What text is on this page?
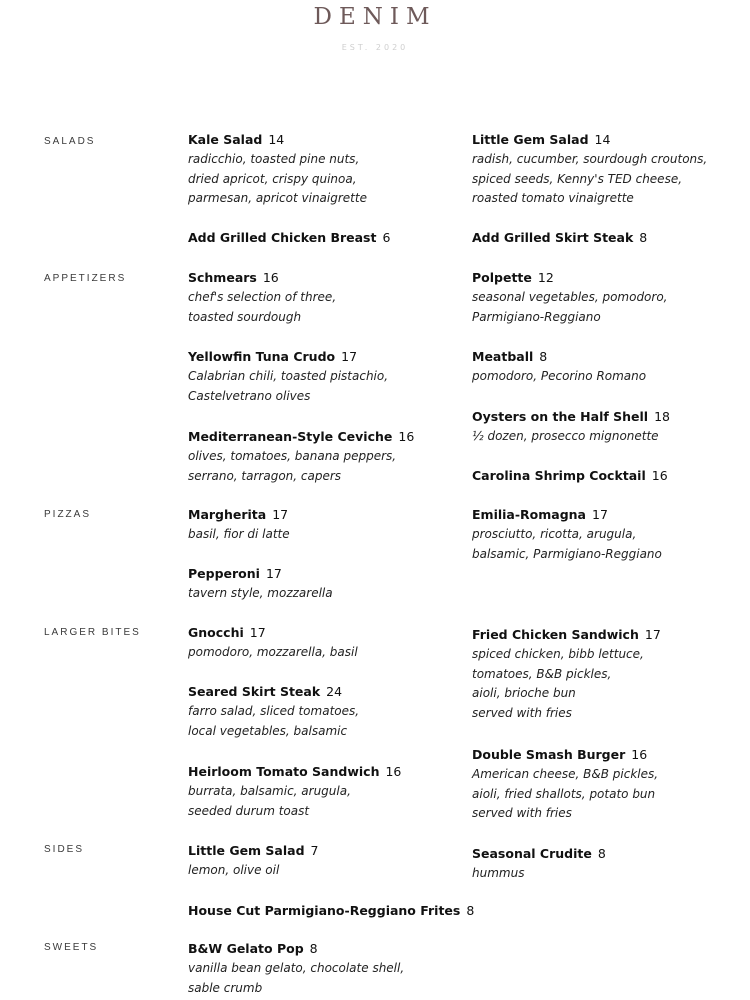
DENIM
EST. 2020
SALADS
APPETIZERS
PIZZAS
LARGER BITES
SIDES
SWEETS
Kale Salad 14
radicchio, toasted pine nuts,
dried apricot, crispy quinoa,
parmesan, apricot vinaigrette
Little Gem Salad 14
radish, cucumber, sourdough croutons,
spiced seeds, Kenny's TED cheese,
roasted tomato vinaigrette
Add Grilled Chicken Breast 6	Add Grilled Skirt Steak 8
Schmears 16
chef's selection of three,
toasted sourdough
Polpette 12
seasonal vegetables, pomodoro,
Parmigiano-Reggiano
Yellowfin Tuna Crudo 17
Calabrian chili, toasted pistachio,
Castelvetrano olives
Meatball 8
pomodoro, Pecorino Romano
Oysters on the Half Shell 18
½ dozen, prosecco mignonette
Mediterranean-Style Ceviche 16
olives, tomatoes, banana peppers,
serrano, tarragon, capers	Carolina Shrimp Cocktail 16
Margherita 17
basil, fior di latte
Emilia-Romagna 17
prosciutto, ricotta, arugula,
balsamic, Parmigiano-Reggiano
Pepperoni 17
tavern style, mozzarella
Gnocchi 17
pomodoro, mozzarella, basil
Fried Chicken Sandwich 17
spiced chicken, bibb lettuce,
tomatoes, B&B pickles,
aioli, brioche bun
served with fries
Seared Skirt Steak 24
farro salad, sliced tomatoes,
local vegetables, balsamic
Double Smash Burger 16
American cheese, B&B pickles,
aioli, fried shallots, potato bun
served with fries
Heirloom Tomato Sandwich 16
burrata, balsamic, arugula,
seeded durum toast
Little Gem Salad 7
lemon, olive oil
Seasonal Crudite 8
hummus
House Cut Parmigiano-Reggiano Frites 8
B&W Gelato Pop 8
vanilla bean gelato, chocolate shell,
sable crumb
